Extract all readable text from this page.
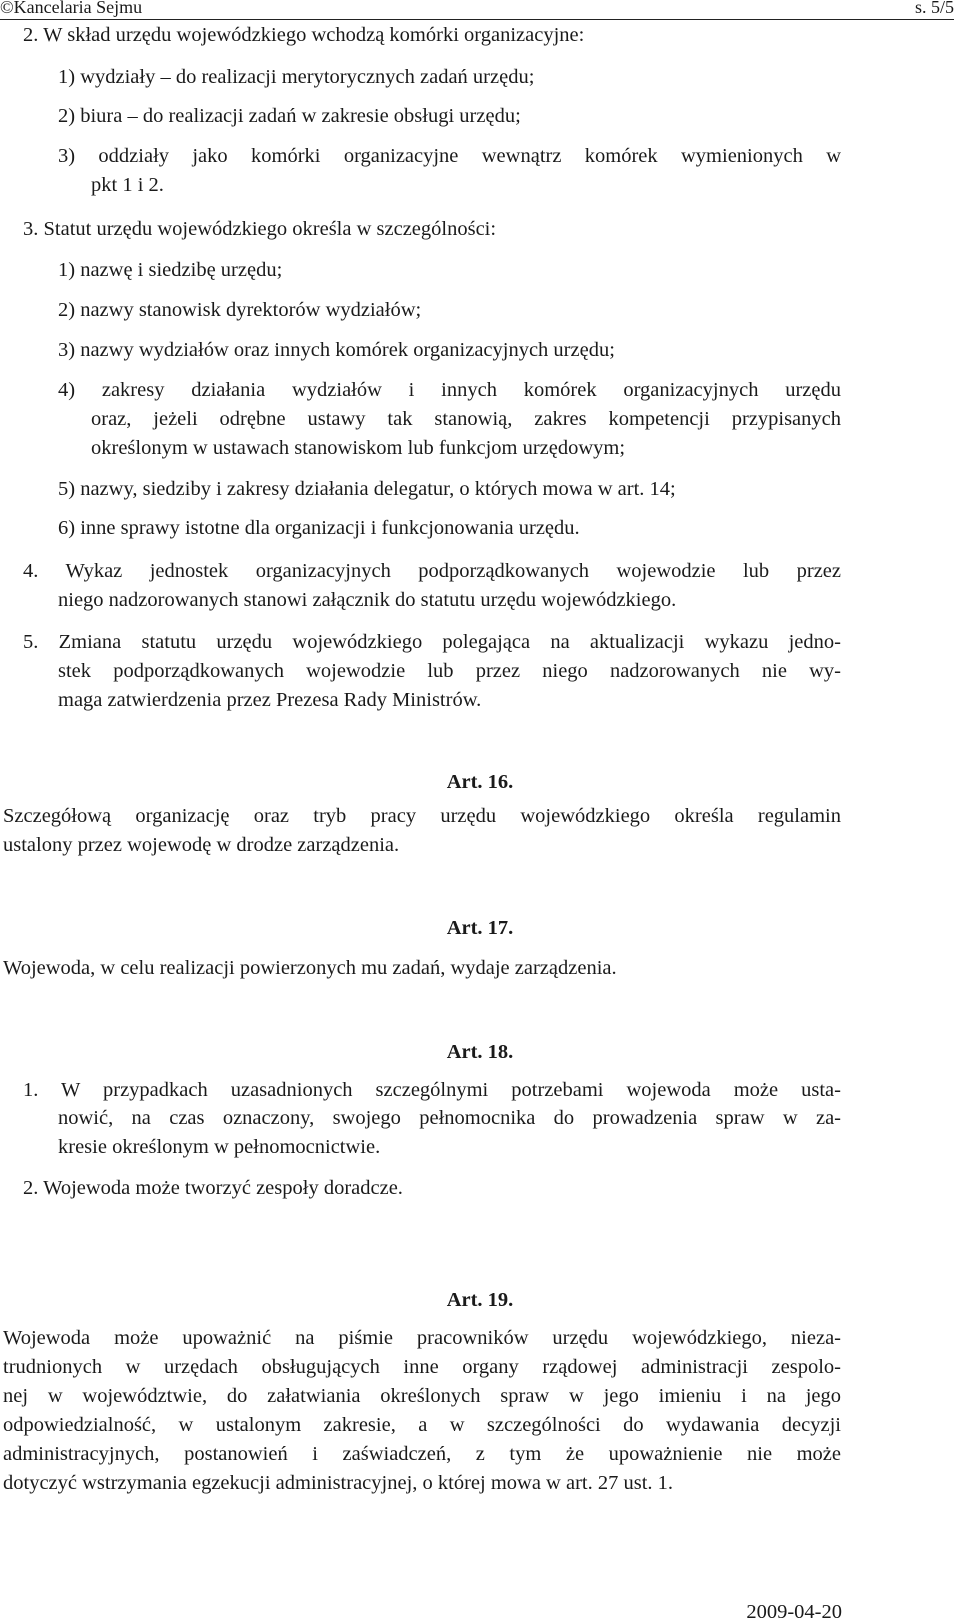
©Kancelaria Sejmu	s. 5/5
2. W skład urzędu wojewódzkiego wchodzą komórki organizacyjne:
1) wydziały – do realizacji merytorycznych zadań urzędu;
2) biura – do realizacji zadań w zakresie obsługi urzędu;
3) oddziały jako komórki organizacyjne wewnątrz komórek wymienionych w
pkt 1 i 2.
3. Statut urzędu wojewódzkiego określa w szczególności:
1) nazwę i siedzibę urzędu;
2) nazwy stanowisk dyrektorów wydziałów;
3) nazwy wydziałów oraz innych komórek organizacyjnych urzędu;
4) zakresy działania wydziałów i innych komórek organizacyjnych urzędu
oraz, jeżeli odrębne ustawy tak stanowią, zakres kompetencji przypisanych
określonym w ustawach stanowiskom lub funkcjom urzędowym;
5) nazwy, siedziby i zakresy działania delegatur, o których mowa w art. 14;
6) inne sprawy istotne dla organizacji i funkcjonowania urzędu.
4. Wykaz jednostek organizacyjnych podporządkowanych wojewodzie lub przez
niego nadzorowanych stanowi załącznik do statutu urzędu wojewódzkiego.
5. Zmiana statutu urzędu wojewódzkiego polegająca na aktualizacji wykazu jedno-
stek podporządkowanych wojewodzie lub przez niego nadzorowanych nie wy-
maga zatwierdzenia przez Prezesa Rady Ministrów.
Art. 16.
Szczegółową organizację oraz tryb pracy urzędu wojewódzkiego określa regulamin
ustalony przez wojewodę w drodze zarządzenia.
Art. 17.
Wojewoda, w celu realizacji powierzonych mu zadań, wydaje zarządzenia.
Art. 18.
1. W przypadkach uzasadnionych szczególnymi potrzebami wojewoda może usta-
nowić, na czas oznaczony, swojego pełnomocnika do prowadzenia spraw w za-
kresie określonym w pełnomocnictwie.
2. Wojewoda może tworzyć zespoły doradcze.
Art. 19.
Wojewoda może upoważnić na piśmie pracowników urzędu wojewódzkiego, nieza-
trudnionych w urzędach obsługujących inne organy rządowej administracji zespolo-
nej w województwie, do załatwiania określonych spraw w jego imieniu i na jego
odpowiedzialność, w ustalonym zakresie, a w szczególności do wydawania decyzji
administracyjnych, postanowień i zaświadczeń, z tym że upoważnienie nie może
dotyczyć wstrzymania egzekucji administracyjnej, o której mowa w art. 27 ust. 1.
2009-04-20
